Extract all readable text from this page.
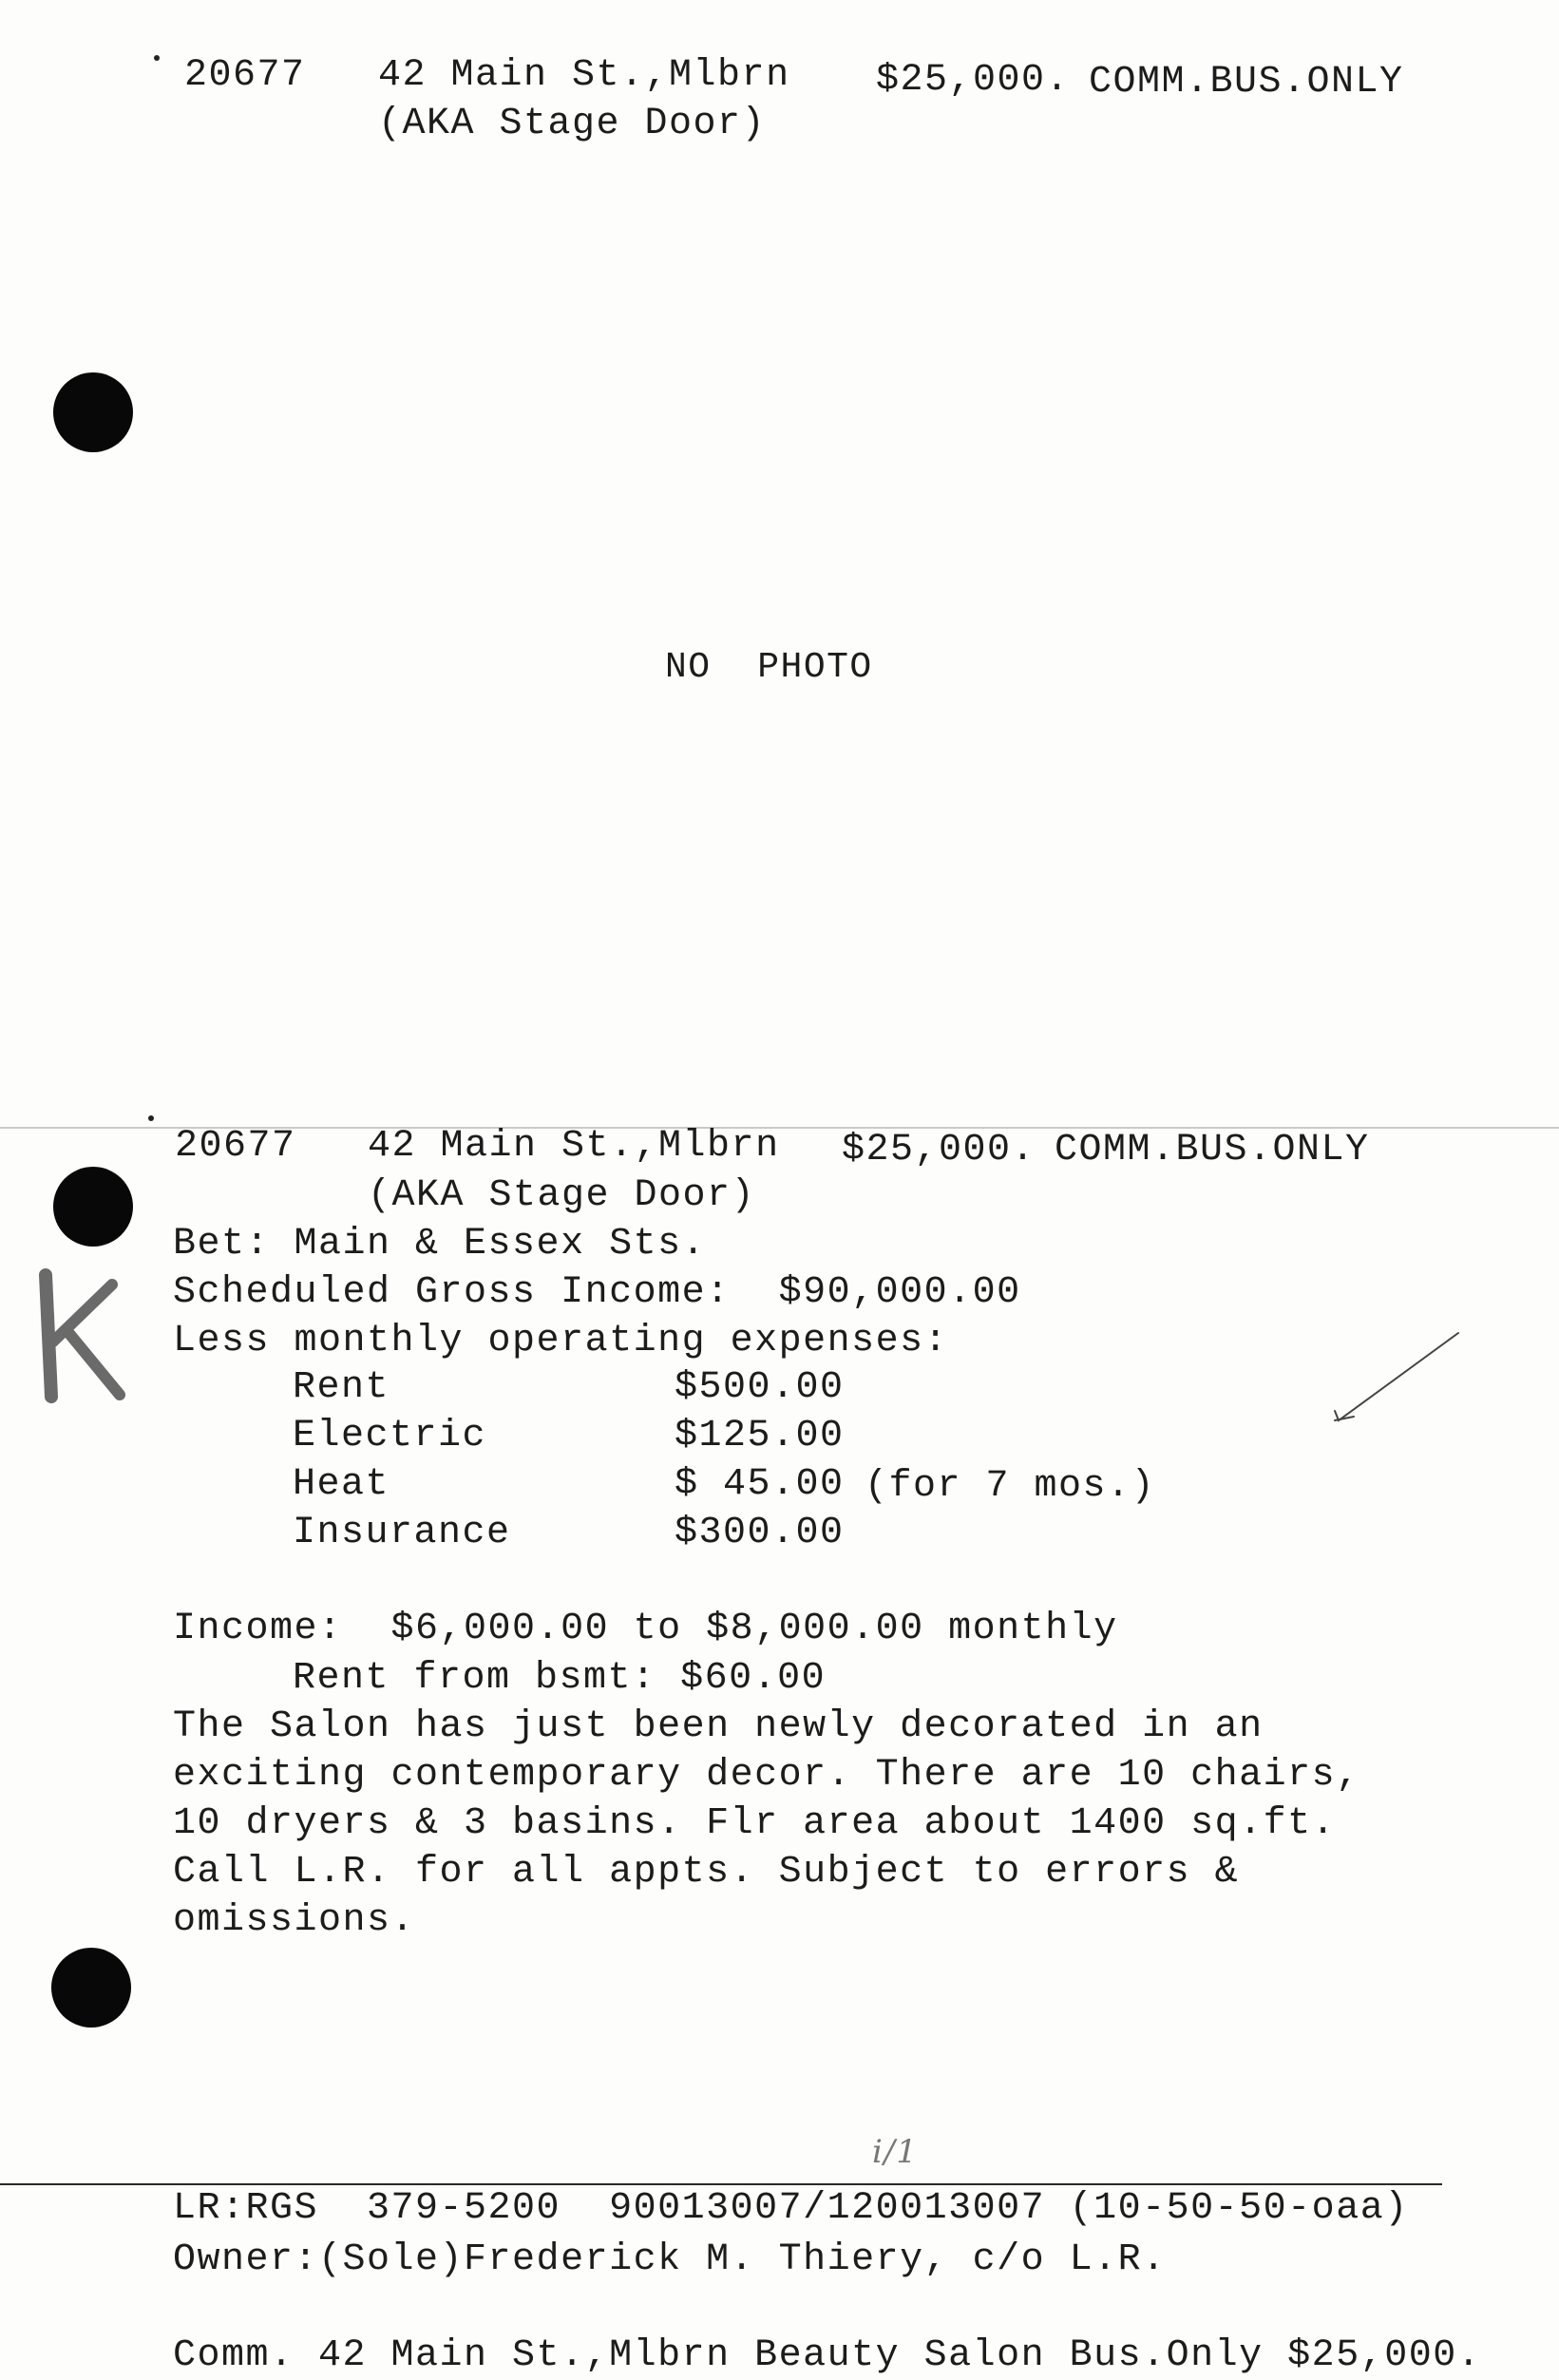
20677 42 Main St.,Mlbrn $25,000. COMM.BUS.ONLY
(AKA Stage Door)
NO  PHOTO
20677 42 Main St.,Mlbrn $25,000. COMM.BUS.ONLY
(AKA Stage Door)
Bet: Main & Essex Sts.
Scheduled Gross Income:  $90,000.00
Less monthly operating expenses:
Rent	$500.00
Electric	$125.00
Heat	$ 45.00 (for 7 mos.)
Insurance	$300.00
Income:  $6,000.00 to $8,000.00 monthly
Rent from bsmt: $60.00
The Salon has just been newly decorated in an
exciting contemporary decor. There are 10 chairs,
10 dryers & 3 basins. Flr area about 1400 sq.ft.
Call L.R. for all appts. Subject to errors &
omissions.
i/1
LR:RGS  379-5200  90013007/120013007 (10-50-50-oaa)
Owner:(Sole)Frederick M. Thiery, c/o L.R.
Comm. 42 Main St.,Mlbrn Beauty Salon Bus.Only $25,000.
